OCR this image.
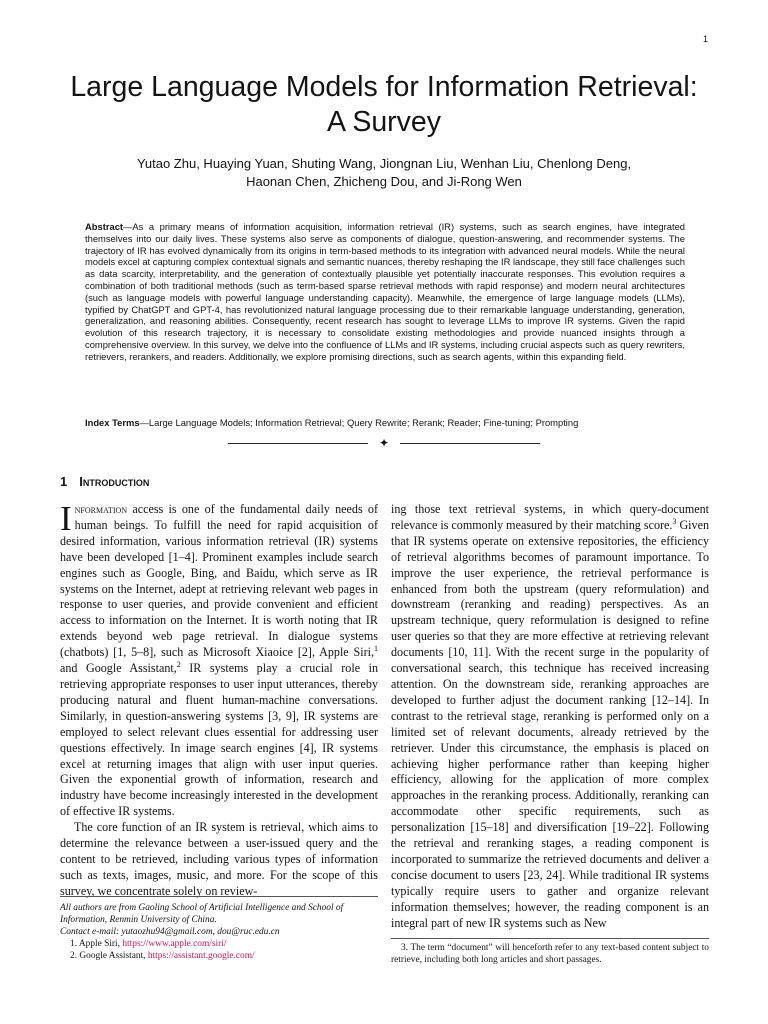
1
Large Language Models for Information Retrieval: A Survey
Yutao Zhu, Huaying Yuan, Shuting Wang, Jiongnan Liu, Wenhan Liu, Chenlong Deng,
Haonan Chen, Zhicheng Dou, and Ji-Rong Wen
Abstract—As a primary means of information acquisition, information retrieval (IR) systems, such as search engines, have integrated themselves into our daily lives. These systems also serve as components of dialogue, question-answering, and recommender systems. The trajectory of IR has evolved dynamically from its origins in term-based methods to its integration with advanced neural models. While the neural models excel at capturing complex contextual signals and semantic nuances, thereby reshaping the IR landscape, they still face challenges such as data scarcity, interpretability, and the generation of contextually plausible yet potentially inaccurate responses. This evolution requires a combination of both traditional methods (such as term-based sparse retrieval methods with rapid response) and modern neural architectures (such as language models with powerful language understanding capacity). Meanwhile, the emergence of large language models (LLMs), typified by ChatGPT and GPT-4, has revolutionized natural language processing due to their remarkable language understanding, generation, generalization, and reasoning abilities. Consequently, recent research has sought to leverage LLMs to improve IR systems. Given the rapid evolution of this research trajectory, it is necessary to consolidate existing methodologies and provide nuanced insights through a comprehensive overview. In this survey, we delve into the confluence of LLMs and IR systems, including crucial aspects such as query rewriters, retrievers, rerankers, and readers. Additionally, we explore promising directions, such as search agents, within this expanding field.
Index Terms—Large Language Models; Information Retrieval; Query Rewrite; Rerank; Reader; Fine-tuning; Prompting
✦
1 Introduction

Information access is one of the fundamental daily needs of human beings. To fulfill the need for rapid acquisition of desired information, various information retrieval (IR) systems have been developed [1–4]. Prominent examples include search engines such as Google, Bing, and Baidu, which serve as IR systems on the Internet, adept at retrieving relevant web pages in response to user queries, and provide convenient and efficient access to information on the Internet. It is worth noting that IR extends beyond web page retrieval. In dialogue systems (chatbots) [1, 5–8], such as Microsoft Xiaoice [2], Apple Siri,$^1$ and Google Assistant,$^2$ IR systems play a crucial role in retrieving appropriate responses to user input utterances, thereby producing natural and fluent human-machine conversations. Similarly, in question-answering systems [3, 9], IR systems are employed to select relevant clues essential for addressing user questions effectively. In image search engines [4], IR systems excel at returning images that align with user input queries. Given the exponential growth of information, research and industry have become increasingly interested in the development of effective IR systems.

The core function of an IR system is retrieval, which aims to determine the relevance between a user-issued query and the content to be retrieved, including various types of information such as texts, images, music, and more. For the scope of this survey, we concentrate solely on review-

ing those text retrieval systems, in which query-document relevance is commonly measured by their matching score.$^3$ Given that IR systems operate on extensive repositories, the efficiency of retrieval algorithms becomes of paramount importance. To improve the user experience, the retrieval performance is enhanced from both the upstream (query reformulation) and downstream (reranking and reading) perspectives. As an upstream technique, query reformulation is designed to refine user queries so that they are more effective at retrieving relevant documents [10, 11]. With the recent surge in the popularity of conversational search, this technique has received increasing attention. On the downstream side, reranking approaches are developed to further adjust the document ranking [12–14]. In contrast to the retrieval stage, reranking is performed only on a limited set of relevant documents, already retrieved by the retriever. Under this circumstance, the emphasis is placed on achieving higher performance rather than keeping higher efficiency, allowing for the application of more complex approaches in the reranking process. Additionally, reranking can accommodate other specific requirements, such as personalization [15–18] and diversification [19–22]. Following the retrieval and reranking stages, a reading component is incorporated to summarize the retrieved documents and deliver a concise document to users [23, 24]. While traditional IR systems typically require users to gather and organize relevant information themselves; however, the reading component is an integral part of new IR systems such as New

All authors are from Gaoling School of Artificial Intelligence and School of Information, Renmin University of China.
Contact e-mail: yutaozhu94@gmail.com, dou@ruc.edu.cn
1. Apple Siri, https://www.apple.com/siri/
2. Google Assistant, https://assistant.google.com/
3. The term “document” will henceforth refer to any text-based content subject to retrieve, including both long articles and short passages.
